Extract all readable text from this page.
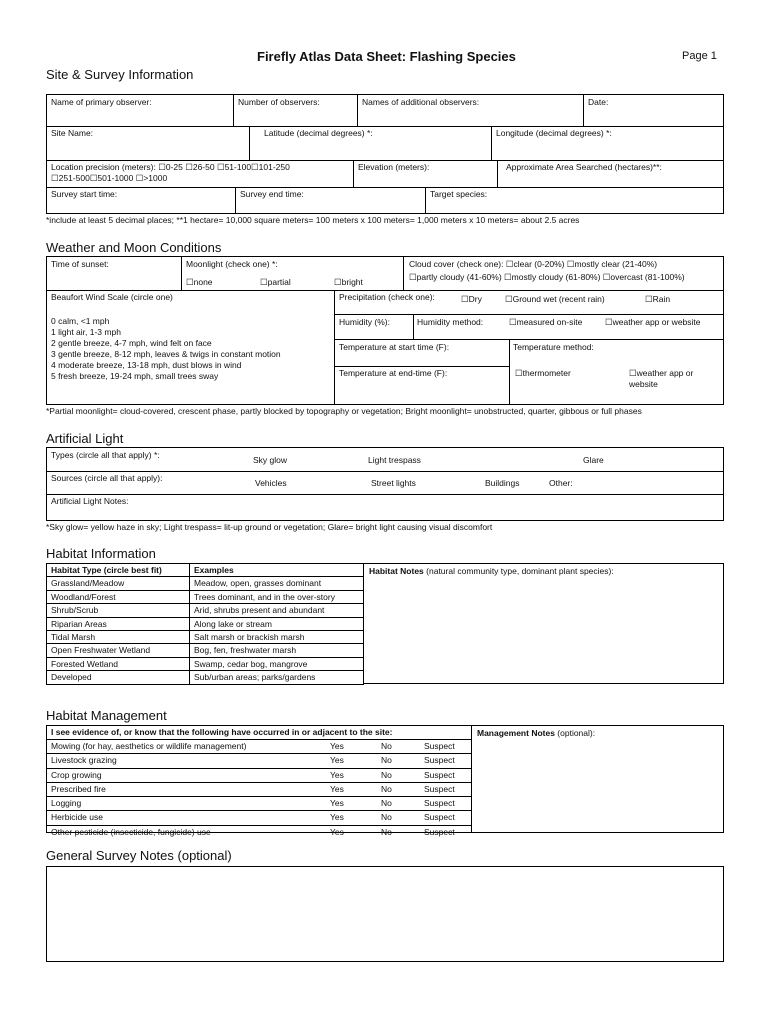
Firefly Atlas Data Sheet: Flashing Species	Page 1
Site & Survey Information
Name of primary observer:	Number of observers:	Names of additional observers:	Date:
Site Name:	Latitude (decimal degrees) *:	Longitude (decimal degrees) *:
Location precision (meters): ☐0-25 ☐26-50 ☐51-100☐101-250
☐251-500☐501-1000 ☐>1000
Elevation (meters):	Approximate Area Searched (hectares)**:
Survey start time:	Survey end time:	Target species:
*include at least 5 decimal places; **1 hectare= 10,000 square meters= 100 meters x 100 meters= 1,000 meters x 10 meters= about 2.5 acres
Weather and Moon Conditions
Time of sunset:	Moonlight (check one) *:
☐none	☐partial	☐bright
Cloud cover (check one): ☐clear (0-20%) ☐mostly clear (21-40%)
☐partly cloudy (41-60%) ☐mostly cloudy (61-80%) ☐overcast (81-100%)
Beaufort Wind Scale (circle one)
0 calm, <1 mph
1 light air, 1-3 mph
2 gentle breeze, 4-7 mph, wind felt on face
3 gentle breeze, 8-12 mph, leaves & twigs in constant motion
4 moderate breeze, 13-18 mph, dust blows in wind
5 fresh breeze, 19-24 mph, small trees sway
Precipitation (check one):	☐Dry	☐Ground wet (recent rain)	☐Rain
Humidity (%):	Humidity method:	☐measured on-site	☐weather app or website
Temperature at start time (F):
Temperature at end-time (F):
Temperature method:
☐thermometer	☐weather app or website
*Partial moonlight= cloud-covered, crescent phase, partly blocked by topography or vegetation; Bright moonlight= unobstructed, quarter, gibbous or full phases
Artificial Light
Types (circle all that apply) *:	Sky glow	Light trespass	Glare
Sources (circle all that apply):	Vehicles	Street lights	Buildings	Other:
Artificial Light Notes:
*Sky glow= yellow haze in sky; Light trespass= lit-up ground or vegetation; Glare= bright light causing visual discomfort
Habitat Information
Habitat Type (circle best fit)	Examples
Grassland/Meadow	Meadow, open, grasses dominant
Woodland/Forest	Trees dominant, and in the over-story
Shrub/Scrub	Arid, shrubs present and abundant
Riparian Areas	Along lake or stream
Tidal Marsh	Salt marsh or brackish marsh
Open Freshwater Wetland	Bog, fen, freshwater marsh
Forested Wetland	Swamp, cedar bog, mangrove
Developed	Sub/urban areas; parks/gardens
Habitat Notes (natural community type, dominant plant species):
Habitat Management
I see evidence of, or know that the following have occurred in or adjacent to the site:	Management Notes (optional):
Mowing (for hay, aesthetics or wildlife management)	Yes	No	Suspect
Livestock grazing	Yes	No	Suspect
Crop growing	Yes	No	Suspect
Prescribed fire	Yes	No	Suspect
Logging	Yes	No	Suspect
Herbicide use	Yes	No	Suspect
Other pesticide (insecticide, fungicide) use	Yes	No	Suspect
General Survey Notes (optional)
